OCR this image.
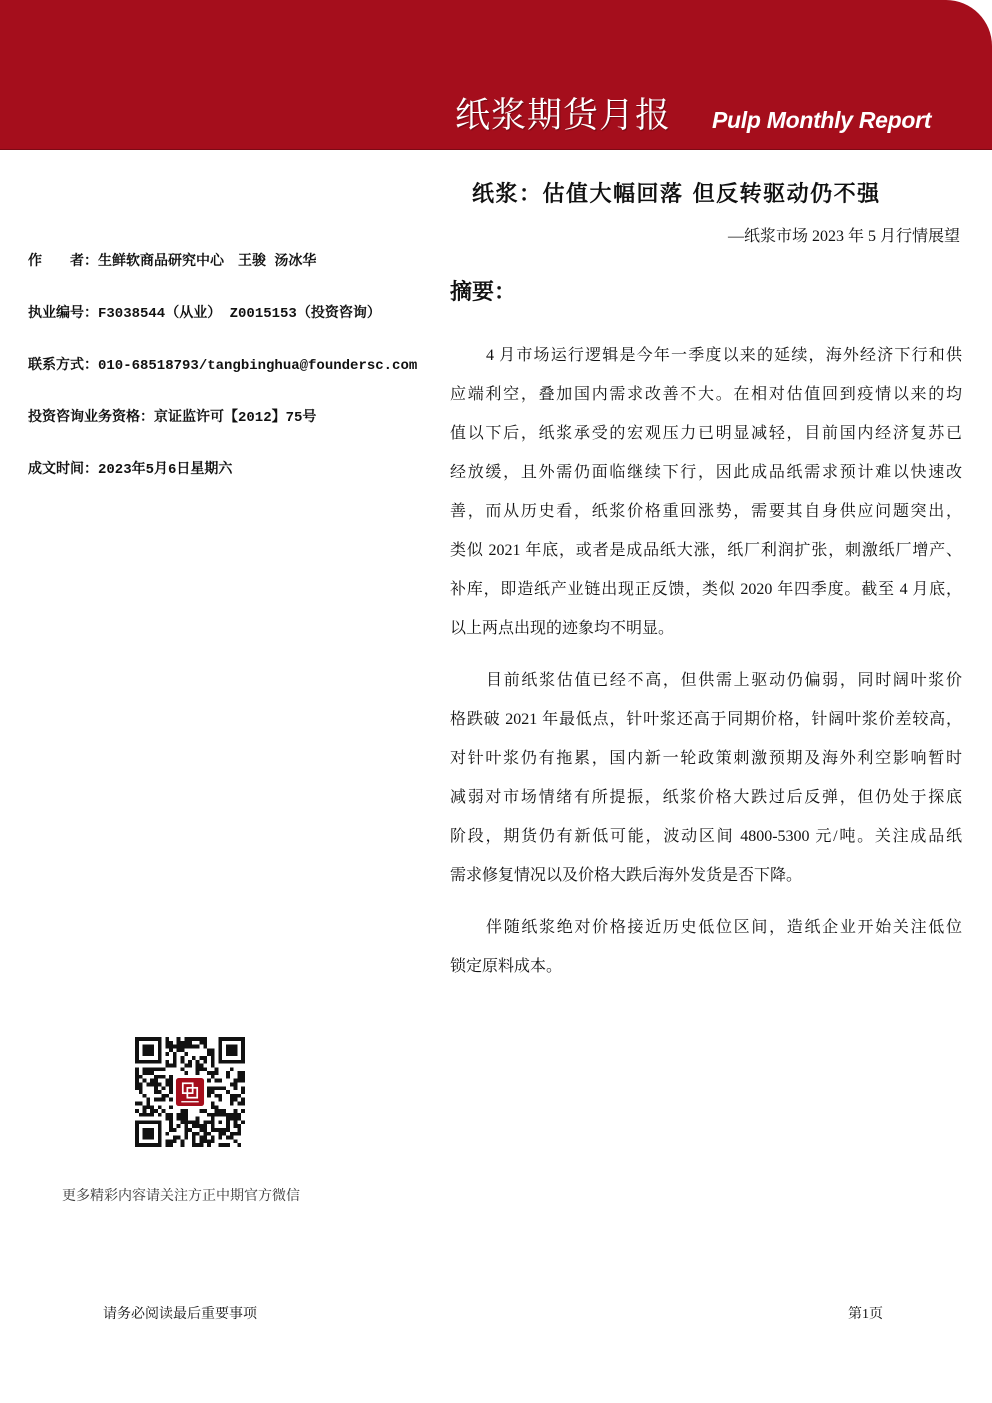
纸浆期货月报 Pulp Monthly Report
纸浆：估值大幅回落 但反转驱动仍不强
—纸浆市场 2023 年 5 月行情展望
作　　者：生鲜软商品研究中心　王骏 汤冰华
执业编号：F3038544（从业） Z0015153（投资咨询）
联系方式：010-68518793/tangbinghua@foundersc.com
投资咨询业务资格：京证监许可【2012】75号
成文时间：2023年5月6日星期六
摘要：
4 月市场运行逻辑是今年一季度以来的延续，海外经济下行和供
应端利空，叠加国内需求改善不大。在相对估值回到疫情以来的均
值以下后，纸浆承受的宏观压力已明显减轻，目前国内经济复苏已
经放缓，且外需仍面临继续下行，因此成品纸需求预计难以快速改
善，而从历史看，纸浆价格重回涨势，需要其自身供应问题突出，
类似 2021 年底，或者是成品纸大涨，纸厂利润扩张，刺激纸厂增产、
补库，即造纸产业链出现正反馈，类似 2020 年四季度。截至 4 月底，
以上两点出现的迹象均不明显。
目前纸浆估值已经不高，但供需上驱动仍偏弱，同时阔叶浆价
格跌破 2021 年最低点，针叶浆还高于同期价格，针阔叶浆价差较高，
对针叶浆仍有拖累，国内新一轮政策刺激预期及海外利空影响暂时
减弱对市场情绪有所提振，纸浆价格大跌过后反弹，但仍处于探底
阶段，期货仍有新低可能，波动区间 4800-5300 元/吨。关注成品纸
需求修复情况以及价格大跌后海外发货是否下降。
伴随纸浆绝对价格接近历史低位区间，造纸企业开始关注低位
锁定原料成本。
更多精彩内容请关注方正中期官方微信
请务必阅读最后重要事项	第1页
